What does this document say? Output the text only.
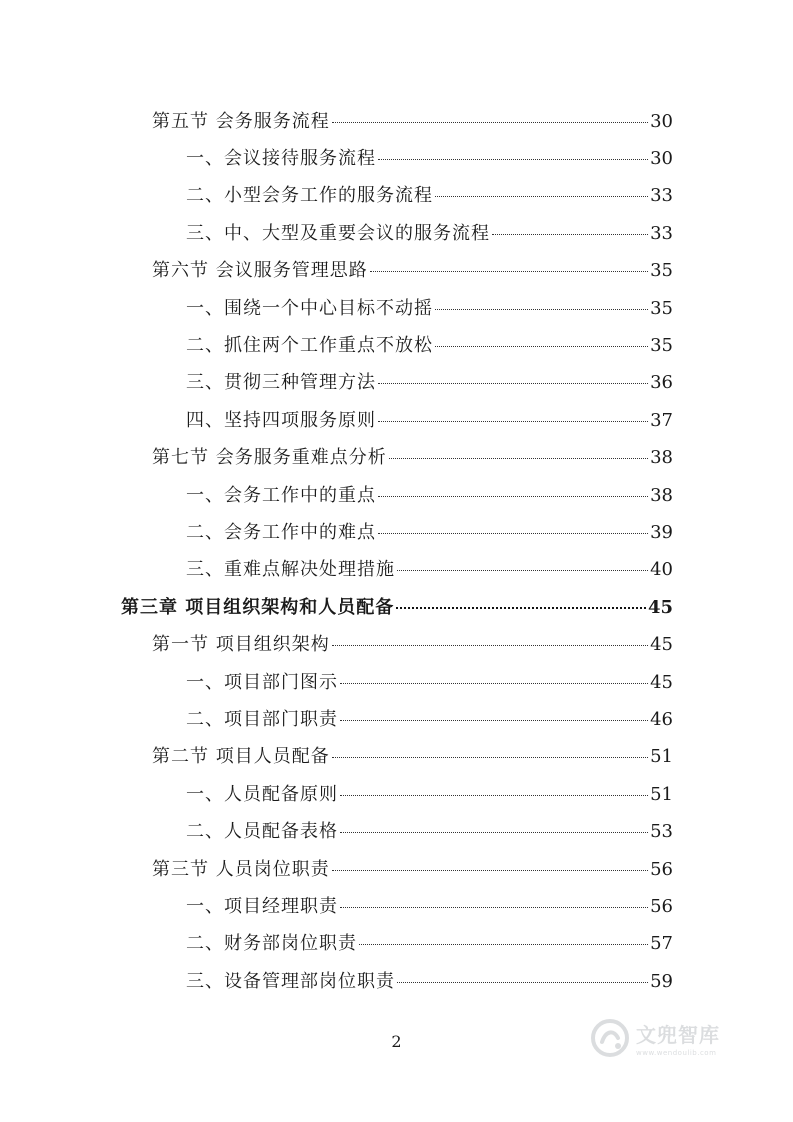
第五节 会务服务流程	30
一、会议接待服务流程	30
二、小型会务工作的服务流程	33
三、中、大型及重要会议的服务流程	33
第六节 会议服务管理思路	35
一、围绕一个中心目标不动摇	35
二、抓住两个工作重点不放松	35
三、贯彻三种管理方法	36
四、坚持四项服务原则	37
第七节 会务服务重难点分析	38
一、会务工作中的重点	38
二、会务工作中的难点	39
三、重难点解决处理措施	40
第三章 项目组织架构和人员配备	45
第一节 项目组织架构	45
一、项目部门图示	45
二、项目部门职责	46
第二节 项目人员配备	51
一、人员配备原则	51
二、人员配备表格	53
第三节 人员岗位职责	56
一、项目经理职责	56
二、财务部岗位职责	57
三、设备管理部岗位职责	59
2	文兜智库
www.wendoulib.com
